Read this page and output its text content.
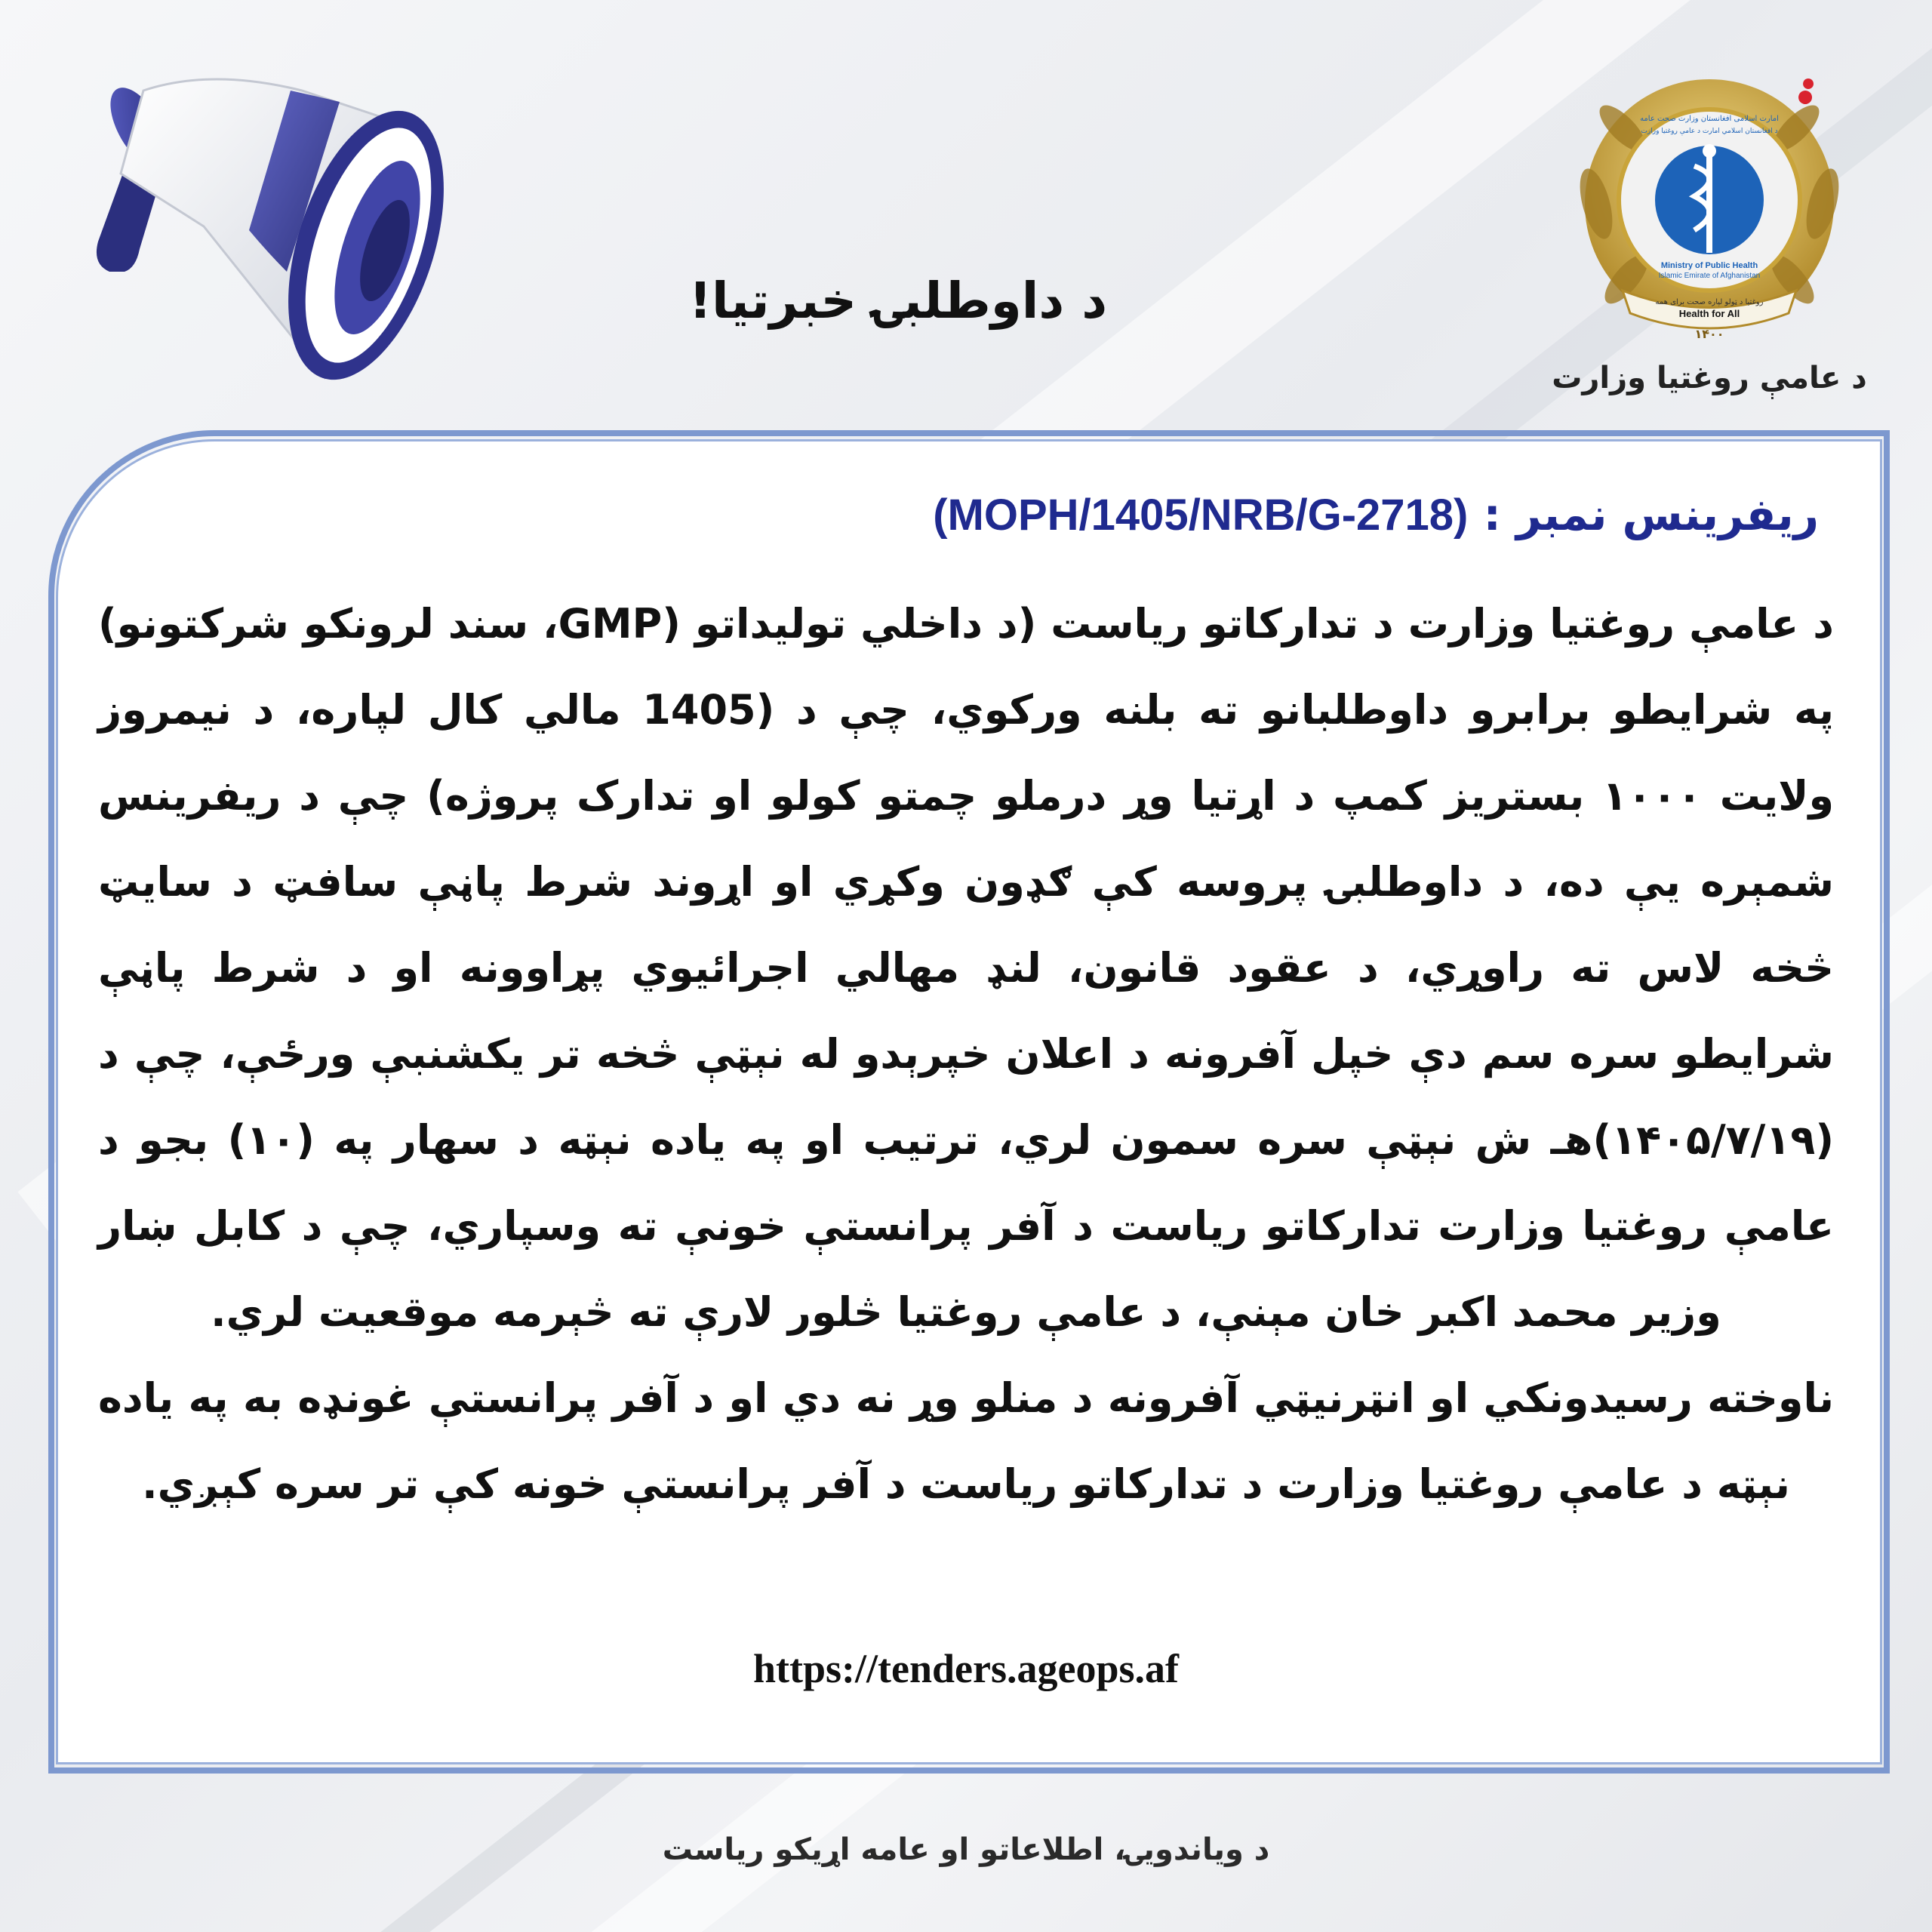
Ministry of Public Health
Islamic Emirate of Afghanistan
امارت اسلامی افغانستان وزارت صحت عامه
د افغانستان اسلامي امارت د عامې روغتیا وزارت
روغتیا د ټولو لپاره صحت برای همه
Health for All
۱۴۰۰
د عامې روغتیا وزارت
د داوطلبۍ خبرتیا!
ریفرینس نمبر : (MOPH/1405/NRB/G-2718)

د عامې روغتیا وزارت د تدارکاتو ریاست (د داخلي تولیداتو (GMP، سند لرونکو شرکتونو) په شرایطو برابرو داوطلبانو ته بلنه ورکوي، چې د (1405 مالي کال لپاره، د نیمروز ولایت ۱۰۰۰ بستریز کمپ د اړتیا وړ درملو چمتو کولو او تدارک پروژه) چې د ریفرینس شمېره یې ده، د داوطلبۍ پروسه کې ګډون وکړي او اړوند شرط پاڼې سافټ د سایټ څخه لاس ته راوړي، د عقود قانون، لنډ مهالي اجرائیوي پړاوونه او د شرط پاڼې شرایطو سره سم دې خپل آفرونه د اعلان خپرېدو له نېټې څخه تر یکشنبې ورځې، چې د (۱۴۰۵/۷/۱۹)هـ ش نېټې سره سمون لري، ترتیب او په یاده نېټه د سهار په (۱۰) بجو د عامې روغتیا وزارت تدارکاتو ریاست د آفر پرانستې خونې ته وسپاري، چې د کابل ښار وزیر محمد اکبر خان مېنې، د عامې روغتیا څلور لارې ته څېرمه موقعیت لري.

ناوخته رسیدونکي او انټرنیټي آفرونه د منلو وړ نه دي او د آفر پرانستې غونډه به په یاده نېټه د عامې روغتیا وزارت د تدارکاتو ریاست د آفر پرانستې خونه کې تر سره کېږي.

https://tenders.ageops.af
د ویاندویۍ، اطلاعاتو او عامه اړیکو ریاست
